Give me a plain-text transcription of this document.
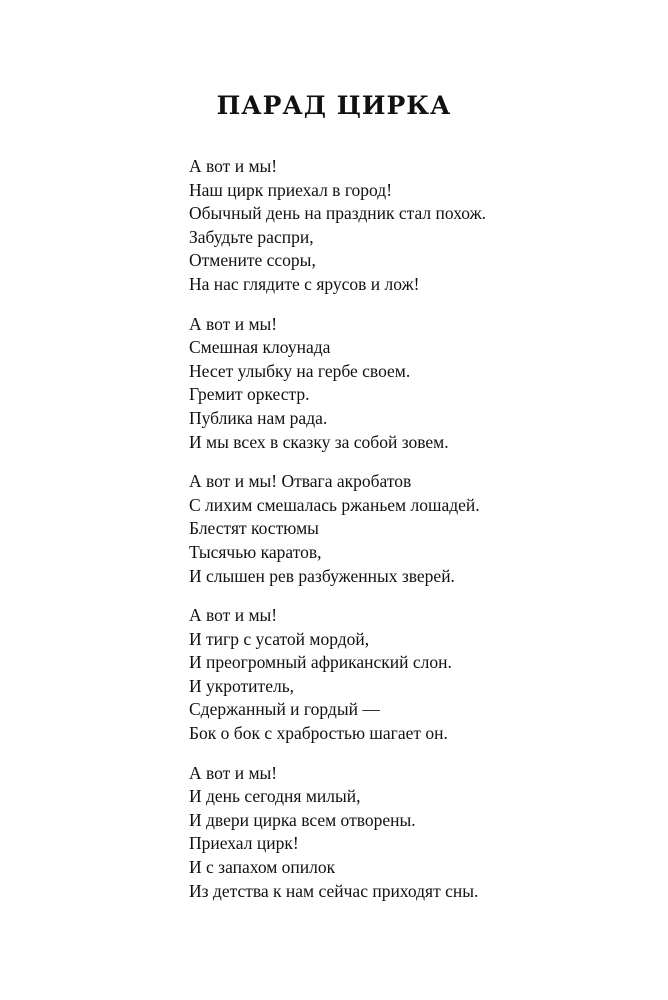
ПАРАД ЦИРКА
А вот и мы!
Наш цирк приехал в город!
Обычный день на праздник стал похож.
Забудьте распри,
Отмените ссоры,
На нас глядите с ярусов и лож!
А вот и мы!
Смешная клоунада
Несет улыбку на гербе своем.
Гремит оркестр.
Публика нам рада.
И мы всех в сказку за собой зовем.
А вот и мы! Отвага акробатов
С лихим смешалась ржаньем лошадей.
Блестят костюмы
Тысячью каратов,
И слышен рев разбуженных зверей.
А вот и мы!
И тигр с усатой мордой,
И преогромный африканский слон.
И укротитель,
Сдержанный и гордый —
Бок о бок с храбростью шагает он.
А вот и мы!
И день сегодня милый,
И двери цирка всем отворены.
Приехал цирк!
И с запахом опилок
Из детства к нам сейчас приходят сны.
